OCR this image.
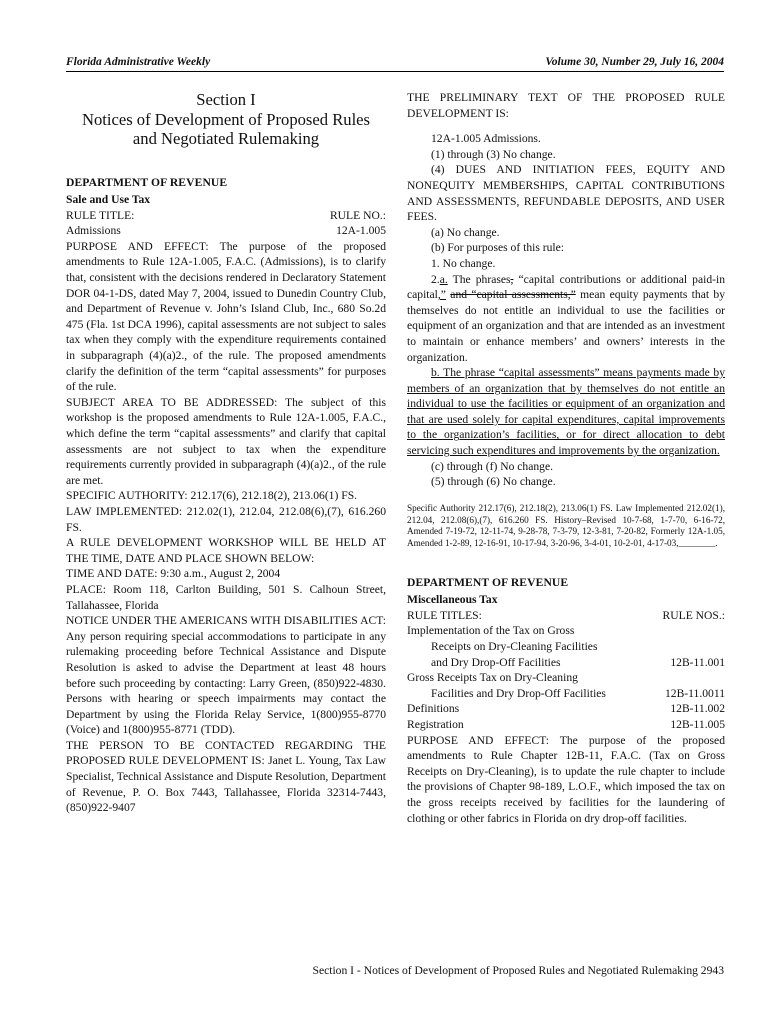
Florida Administrative Weekly	Volume 30, Number 29, July 16, 2004
Section I
Notices of Development of Proposed Rules
and Negotiated Rulemaking
DEPARTMENT OF REVENUE
Sale and Use Tax
RULE TITLE:	RULE NO.:
Admissions	12A-1.005

PURPOSE AND EFFECT: The purpose of the proposed amendments to Rule 12A-1.005, F.A.C. (Admissions), is to clarify that, consistent with the decisions rendered in Declaratory Statement DOR 04-1-DS, dated May 7, 2004, issued to Dunedin Country Club, and Department of Revenue v. John’s Island Club, Inc., 680 So.2d 475 (Fla. 1st DCA 1996), capital assessments are not subject to sales tax when they comply with the expenditure requirements contained in subparagraph (4)(a)2., of the rule. The proposed amendments clarify the definition of the term “capital assessments” for purposes of the rule.

SUBJECT AREA TO BE ADDRESSED: The subject of this workshop is the proposed amendments to Rule 12A-1.005, F.A.C., which define the term “capital assessments” and clarify that capital assessments are not subject to tax when the expenditure requirements currently provided in subparagraph (4)(a)2., of the rule are met.

SPECIFIC AUTHORITY: 212.17(6), 212.18(2), 213.06(1) FS.

LAW IMPLEMENTED: 212.02(1), 212.04, 212.08(6),(7), 616.260 FS.

A RULE DEVELOPMENT WORKSHOP WILL BE HELD AT THE TIME, DATE AND PLACE SHOWN BELOW:

TIME AND DATE: 9:30 a.m., August 2, 2004

PLACE: Room 118, Carlton Building, 501 S. Calhoun Street, Tallahassee, Florida

NOTICE UNDER THE AMERICANS WITH DISABILITIES ACT: Any person requiring special accommodations to participate in any rulemaking proceeding before Technical Assistance and Dispute Resolution is asked to advise the Department at least 48 hours before such proceeding by contacting: Larry Green, (850)922-4830. Persons with hearing or speech impairments may contact the Department by using the Florida Relay Service, 1(800)955-8770 (Voice) and 1(800)955-8771 (TDD).

THE PERSON TO BE CONTACTED REGARDING THE PROPOSED RULE DEVELOPMENT IS: Janet L. Young, Tax Law Specialist, Technical Assistance and Dispute Resolution, Department of Revenue, P. O. Box 7443, Tallahassee, Florida 32314-7443, (850)922-9407

THE PRELIMINARY TEXT OF THE PROPOSED RULE DEVELOPMENT IS:

12A-1.005 Admissions.

(1) through (3) No change.

(4) DUES AND INITIATION FEES, EQUITY AND NONEQUITY MEMBERSHIPS, CAPITAL CONTRIBUTIONS AND ASSESSMENTS, REFUNDABLE DEPOSITS, AND USER FEES.

(a) No change.

(b) For purposes of this rule:

1. No change.

2.a. The phrases, “capital contributions or additional paid-in capital,” and “capital assessments,” mean equity payments that by themselves do not entitle an individual to use the facilities or equipment of an organization and that are intended as an investment to maintain or enhance members’ and owners’ interests in the organization.

b. The phrase “capital assessments” means payments made by members of an organization that by themselves do not entitle an individual to use the facilities or equipment of an organization and that are used solely for capital expenditures, capital improvements to the organization’s facilities, or for direct allocation to debt servicing such expenditures and improvements by the organization.

(c) through (f) No change.

(5) through (6) No change.

Specific Authority 212.17(6), 212.18(2), 213.06(1) FS. Law Implemented 212.02(1), 212.04, 212.08(6),(7), 616.260 FS. History–Revised 10-7-68, 1-7-70, 6-16-72, Amended 7-19-72, 12-11-74, 9-28-78, 7-3-79, 12-3-81, 7-20-82, Formerly 12A-1.05, Amended 1-2-89, 12-16-91, 10-17-94, 3-20-96, 3-4-01, 10-2-01, 4-17-03,________.

DEPARTMENT OF REVENUE
Miscellaneous Tax
RULE TITLES:	RULE NOS.:
Implementation of the Tax on Gross
Receipts on Dry-Cleaning Facilities
and Dry Drop-Off Facilities	12B-11.001
Gross Receipts Tax on Dry-Cleaning
Facilities and Dry Drop-Off Facilities	12B-11.0011
Definitions	12B-11.002
Registration	12B-11.005

PURPOSE AND EFFECT: The purpose of the proposed amendments to Rule Chapter 12B-11, F.A.C. (Tax on Gross Receipts on Dry-Cleaning), is to update the rule chapter to include the provisions of Chapter 98-189, L.O.F., which imposed the tax on the gross receipts received by facilities for the laundering of clothing or other fabrics in Florida on dry drop-off facilities.

Section I - Notices of Development of Proposed Rules and Negotiated Rulemaking 2943
